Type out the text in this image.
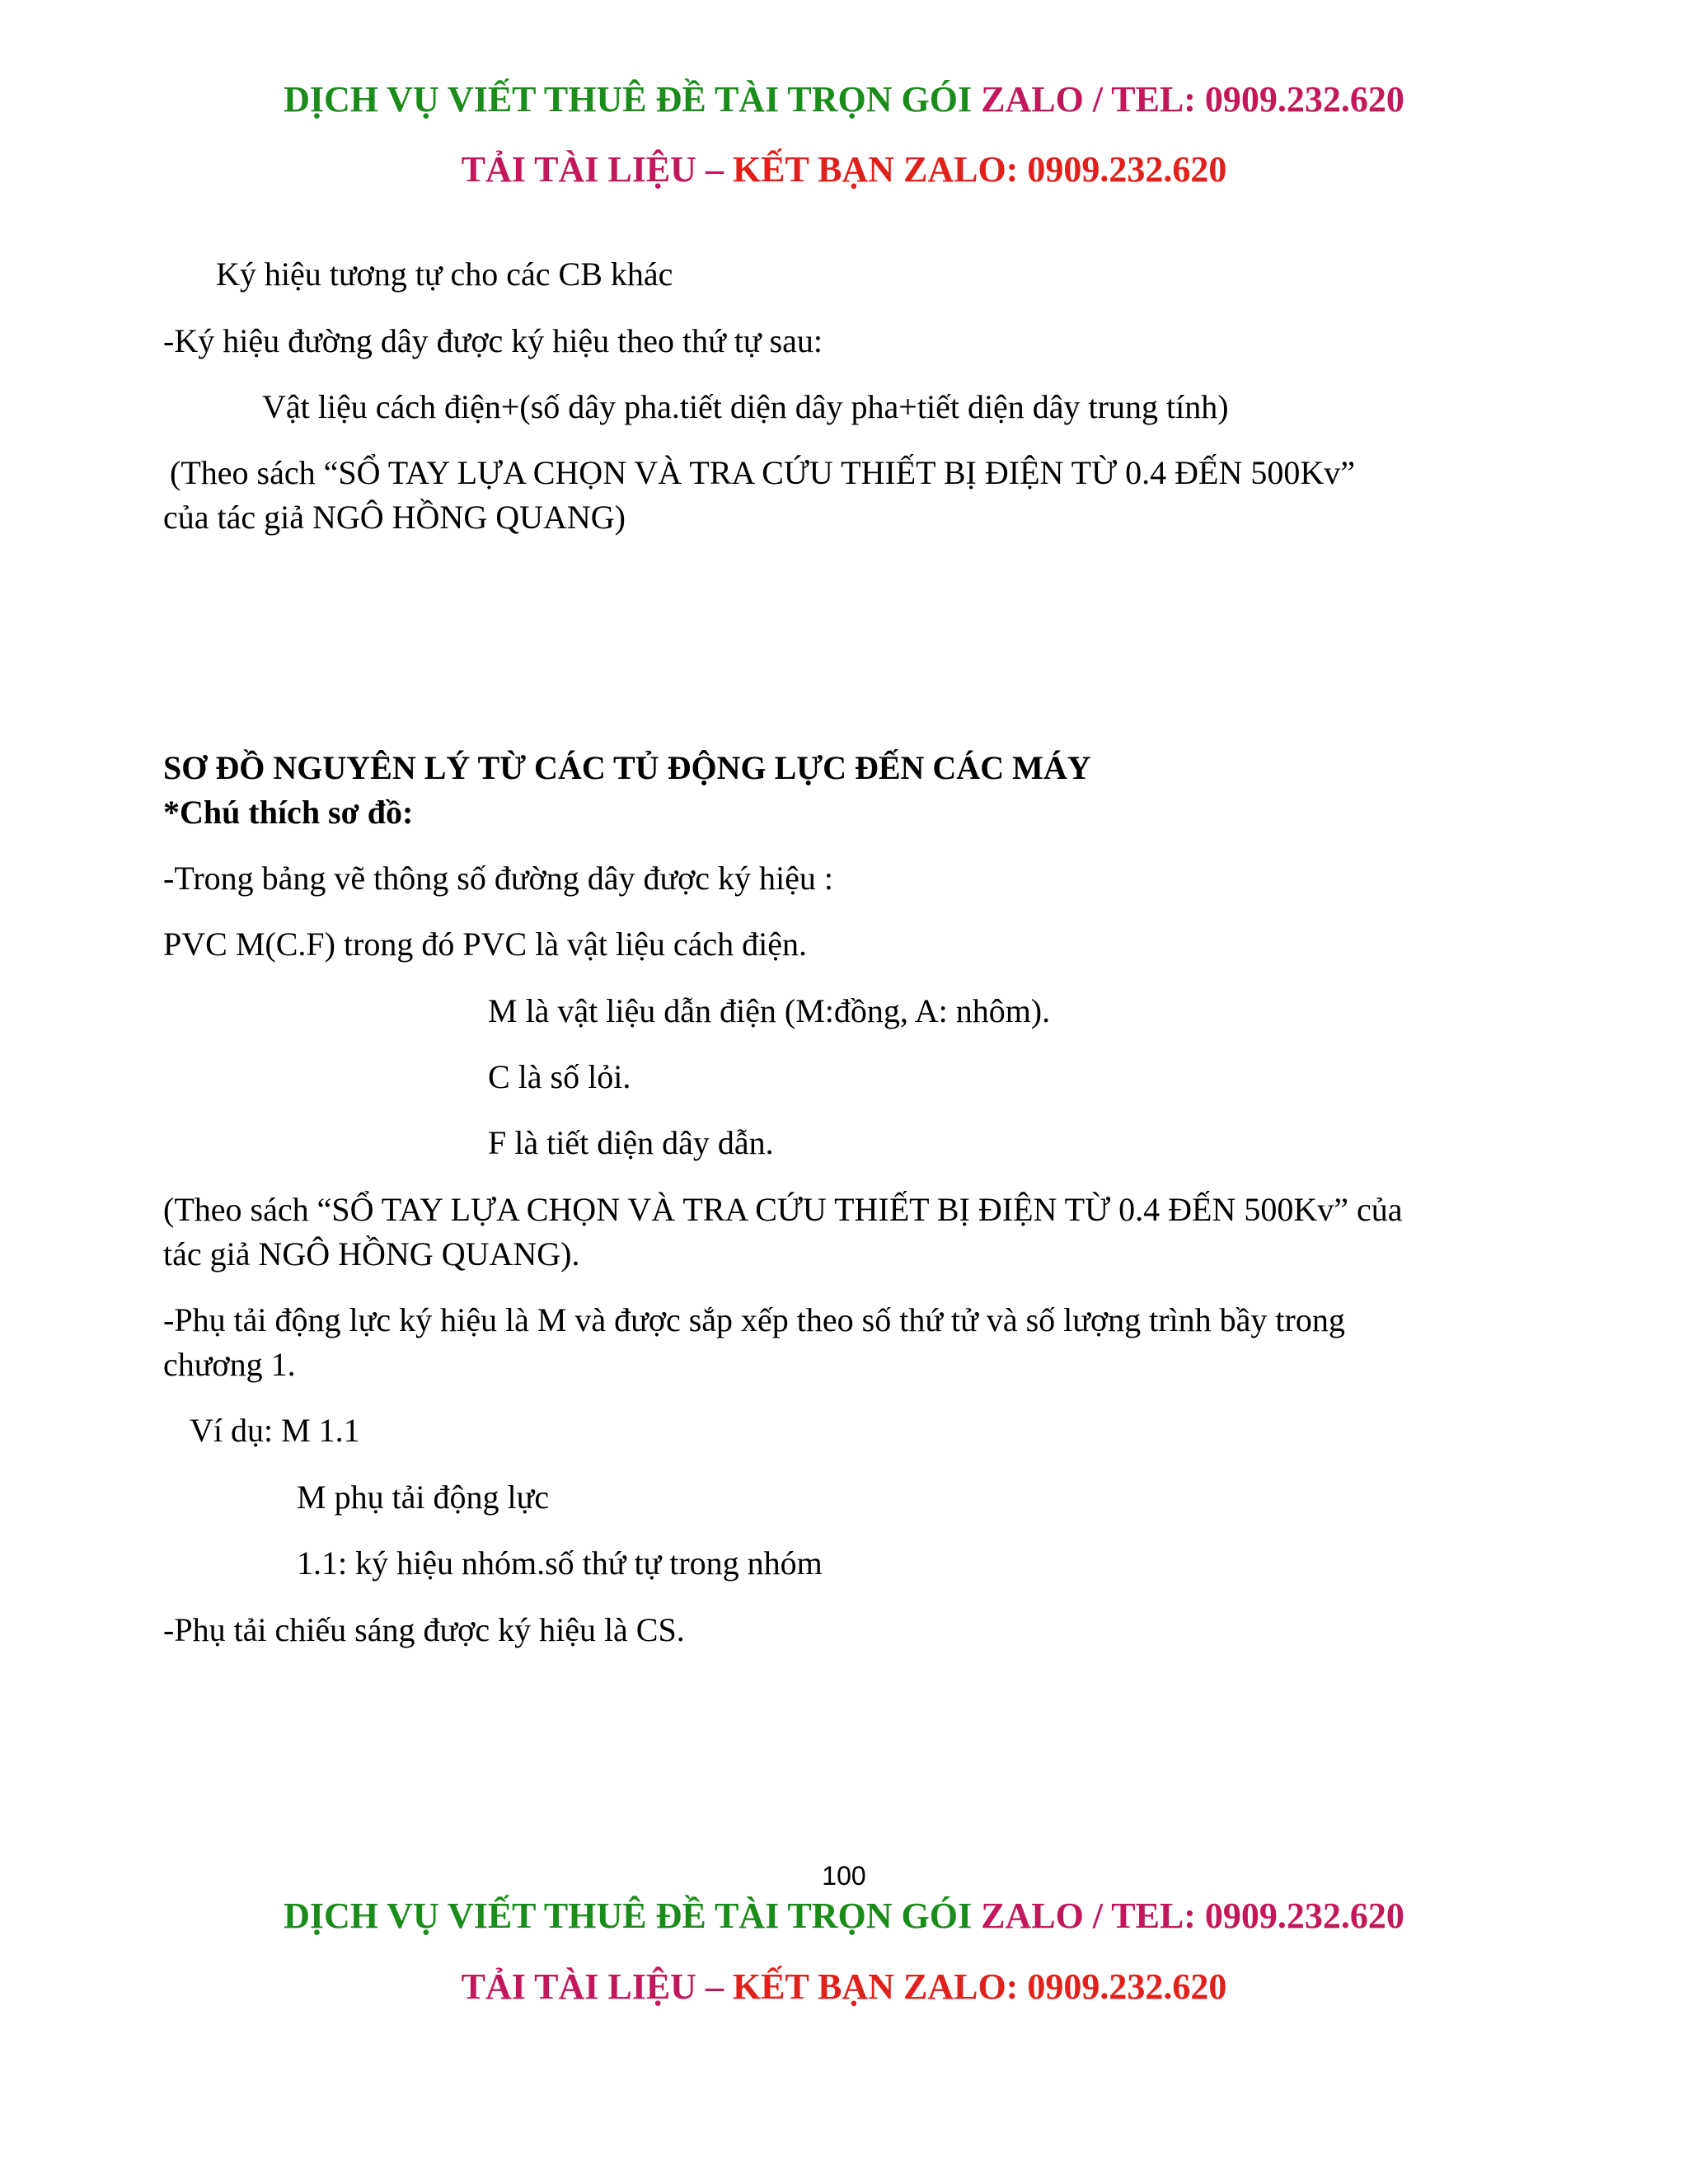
DỊCH VỤ VIẾT THUÊ ĐỀ TÀI TRỌN GÓI ZALO / TEL: 0909.232.620
TẢI TÀI LIỆU – KẾT BẠN ZALO: 0909.232.620
Ký hiệu tương tự cho các CB khác
-Ký hiệu đường dây được ký hiệu theo thứ tự sau:
Vật liệu cách điện+(số dây pha.tiết diện dây pha+tiết diện dây trung tính)
(Theo sách “SỔ TAY LỰA CHỌN VÀ TRA CỨU THIẾT BỊ ĐIỆN TỪ 0.4 ĐẾN 500Kv”
của tác giả NGÔ HỒNG QUANG)
SƠ ĐỒ NGUYÊN LÝ TỪ CÁC TỦ ĐỘNG LỰC ĐẾN CÁC MÁY
*Chú thích sơ đồ:
-Trong bảng vẽ thông số đường dây được ký hiệu :
PVC M(C.F) trong đó PVC là vật liệu cách điện.
M là vật liệu dẫn điện (M:đồng, A: nhôm).
C là số lỏi.
F là tiết diện dây dẫn.
(Theo sách “SỔ TAY LỰA CHỌN VÀ TRA CỨU THIẾT BỊ ĐIỆN TỪ 0.4 ĐẾN 500Kv” của
tác giả NGÔ HỒNG QUANG).
-Phụ tải động lực ký hiệu là M và được sắp xếp theo số thứ tử và số lượng trình bầy trong
chương 1.
Ví dụ: M 1.1
M phụ tải động lực
1.1: ký hiệu nhóm.số thứ tự trong nhóm
-Phụ tải chiếu sáng được ký hiệu là CS.
100
DỊCH VỤ VIẾT THUÊ ĐỀ TÀI TRỌN GÓI ZALO / TEL: 0909.232.620
TẢI TÀI LIỆU – KẾT BẠN ZALO: 0909.232.620
